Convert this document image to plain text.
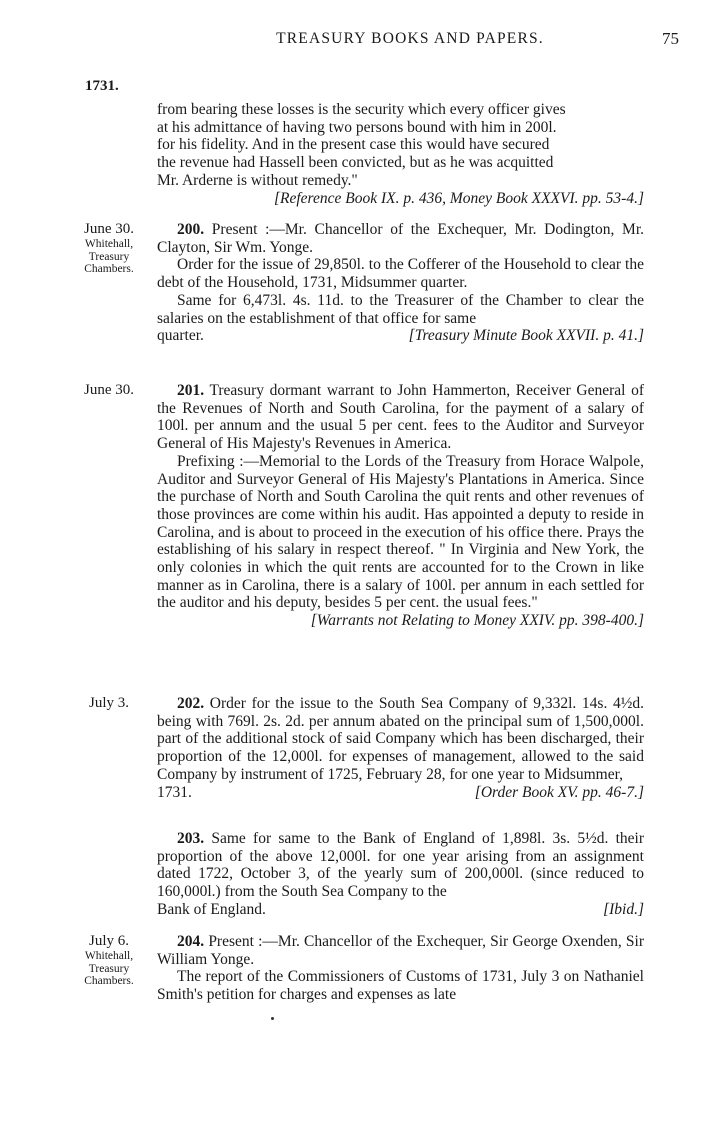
TREASURY BOOKS AND PAPERS.	75
1731.

from bearing these losses is the security which every officer gives

at his admittance of having two persons bound with him in 200l.

for his fidelity. And in the present case this would have secured

the revenue had Hassell been convicted, but as he was acquitted

Mr. Arderne is without remedy."

[Reference Book IX. p. 436, Money Book XXXVI. pp. 53-4.]

June 30.
Whitehall,
Treasury
Chambers.

200. Present :—Mr. Chancellor of the Exchequer, Mr. Dodington, Mr. Clayton, Sir Wm. Yonge.

Order for the issue of 29,850l. to the Cofferer of the Household to clear the debt of the Household, 1731, Midsummer quarter.

Same for 6,473l. 4s. 11d. to the Treasurer of the Chamber to clear the salaries on the establishment of that office for same

quarter.	[Treasury Minute Book XXVII. p. 41.]
June 30.	201. Treasury dormant warrant to John Hammerton, Receiver General of the Revenues of North and South Carolina, for the payment of a salary of 100l. per annum and the usual 5 per cent. fees to the Auditor and Surveyor General of His Majesty's Revenues in America.

Prefixing :—Memorial to the Lords of the Treasury from Horace Walpole, Auditor and Surveyor General of His Majesty's Plantations in America. Since the purchase of North and South Carolina the quit rents and other revenues of those provinces are come within his audit. Has appointed a deputy to reside in Carolina, and is about to proceed in the execution of his office there. Prays the establishing of his salary in respect thereof. " In Virginia and New York, the only colonies in which the quit rents are accounted for to the Crown in like manner as in Carolina, there is a salary of 100l. per annum in each settled for the auditor and his deputy, besides 5 per cent. the usual fees."

[Warrants not Relating to Money XXIV. pp. 398-400.]

July 3.	202. Order for the issue to the South Sea Company of 9,332l. 14s. 4½d. being with 769l. 2s. 2d. per annum abated on the principal sum of 1,500,000l. part of the additional stock of said Company which has been discharged, their proportion of the 12,000l. for expenses of management, allowed to the said Company by instrument of 1725, February 28, for one year to Midsummer,

1731.	[Order Book XV. pp. 46-7.]

203. Same for same to the Bank of England of 1,898l. 3s. 5½d. their proportion of the above 12,000l. for one year arising from an assignment dated 1722, October 3, of the yearly sum of 200,000l. (since reduced to 160,000l.) from the South Sea Company to the

Bank of England.	[Ibid.]
July 6.
Whitehall,
Treasury
Chambers.

204. Present :—Mr. Chancellor of the Exchequer, Sir George Oxenden, Sir William Yonge.

The report of the Commissioners of Customs of 1731, July 3 on Nathaniel Smith's petition for charges and expenses as late
